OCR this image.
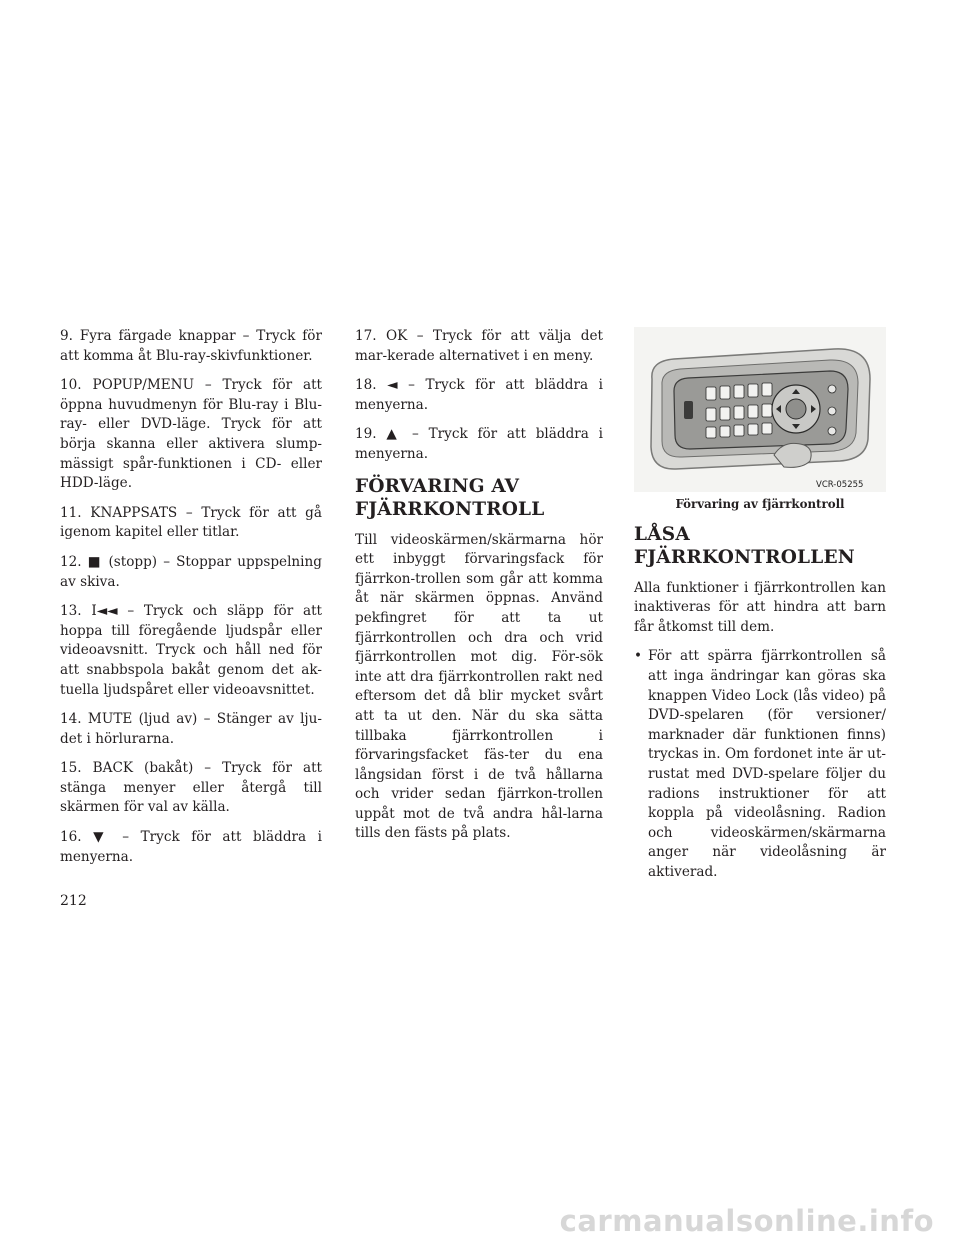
9. Fyra färgade knappar – Tryck för att komma åt Blu-ray-skivfunktioner.

10. POPUP/MENU – Tryck för att öppna huvudmenyn för Blu-ray i Blu-ray- eller DVD-läge. Tryck för att börja skanna eller aktivera slump-mässigt spår-funktionen i CD- eller HDD-läge.

11. KNAPPSATS – Tryck för att gå igenom kapitel eller titlar.

12. ■ (stopp) – Stoppar uppspelning av skiva.

13. I◄◄ – Tryck och släpp för att hoppa till föregående ljudspår eller videoavsnitt. Tryck och håll ned för att snabbspola bakåt genom det ak-tuella ljudspåret eller videoavsnittet.

14. MUTE (ljud av) – Stänger av lju-det i hörlurarna.

15. BACK (bakåt) – Tryck för att stänga menyer eller återgå till skärmen för val av källa.

16. ▼ – Tryck för att bläddra i menyerna.

17. OK – Tryck för att välja det mar-kerade alternativet i en meny.

18. ◄ – Tryck för att bläddra i menyerna.

19. ▲ – Tryck för att bläddra i menyerna.

FÖRVARING AV FJÄRRKONTROLL

Till videoskärmen/skärmarna hör ett inbyggt förvaringsfack för fjärrkon-trollen som går att komma åt när skärmen öppnas. Använd pekfingret för att ta ut fjärrkontrollen och dra och vrid fjärrkontrollen mot dig. För-sök inte att dra fjärrkontrollen rakt ned eftersom det då blir mycket svårt att ta ut den. När du ska sätta tillbaka fjärrkontrollen i förvaringsfacket fäs-ter du ena långsidan först i de två hållarna och vrider sedan fjärrkon-trollen uppåt mot de två andra hål-larna tills den fästs på plats.

VCR-05255
Förvaring av fjärrkontroll
LÅSA FJÄRRKONTROLLEN

Alla funktioner i fjärrkontrollen kan inaktiveras för att hindra att barn får åtkomst till dem.

• För att spärra fjärrkontrollen så att inga ändringar kan göras ska knappen Video Lock (lås video) på DVD-spelaren (för versioner/ marknader där funktionen finns) tryckas in. Om fordonet inte är ut-rustat med DVD-spelare följer du radions instruktioner för att koppla på videolåsning. Radion och videoskärmen/skärmarna anger när videolåsning är aktiverad.
212
carmanualsonline.info
